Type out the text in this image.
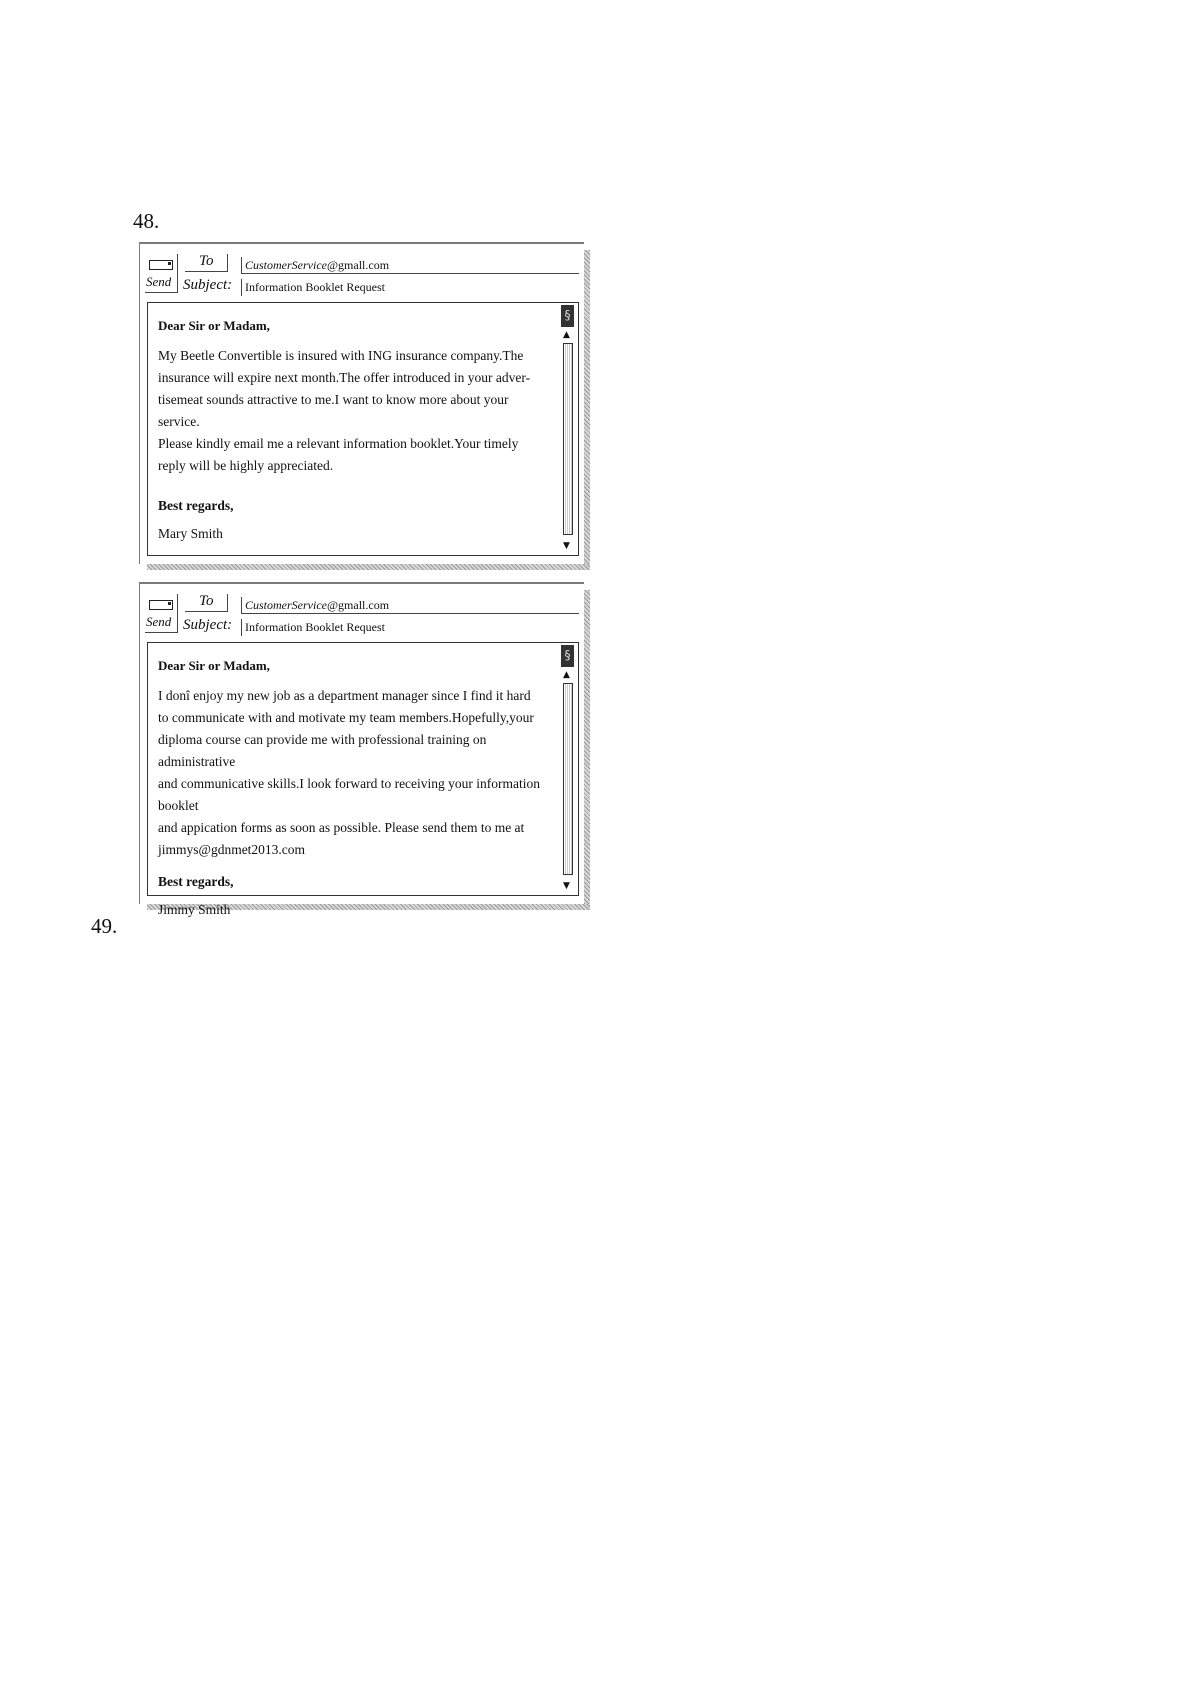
48.
Send
To
Subject:
CustomerService@gmall.com
Information Booklet Request
Dear Sir or Madam,
My Beetle Convertible is insured with ING insurance company.The
insurance will expire next month.The offer introduced in your adver-
tisemeat sounds attractive to me.I want to know more about your service.
Please kindly email me a relevant information booklet.Your timely
reply will be highly appreciated.
Best regards,
Mary Smith
§
▲
▼
Send
To
Subject:
CustomerService@gmall.com
Information Booklet Request
Dear Sir or Madam,
I donî enjoy my new job as a department manager since I find it hard
to communicate with and motivate my team members.Hopefully,your
diploma course can provide me with professional training on administrative
and communicative skills.I look forward to receiving your information booklet
and appication forms as soon as possible. Please send them to me at
jimmys@gdnmet2013.com
Best regards,
Jimmy Smith
§
▲
▼
49.
